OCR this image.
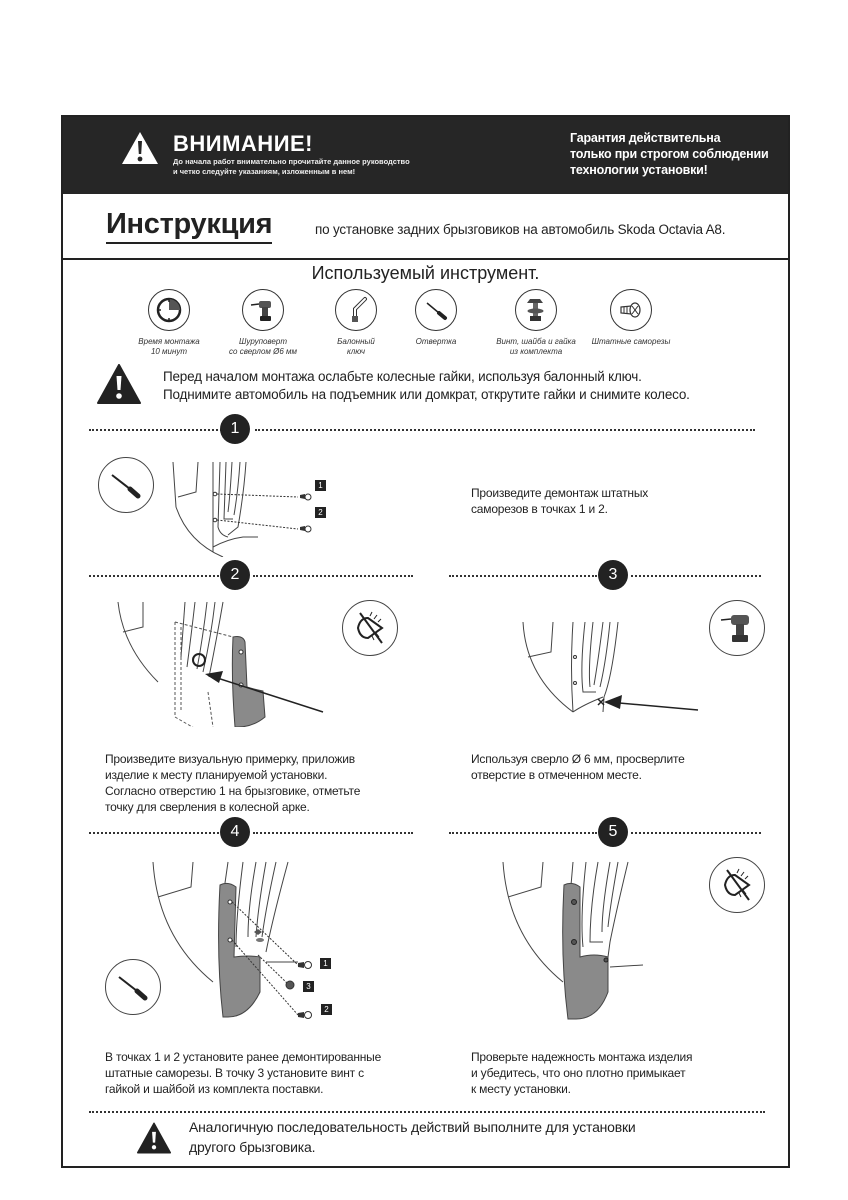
ВНИМАНИЕ!
До начала работ внимательно прочитайте данное руководство
и четко следуйте указаниям, изложенным в нем!
Гарантия действительна
только при строгом соблюдении
технологии установки!
Инструкция	по установке задних брызговиков на автомобиль Skoda Octavia A8.
Используемый инструмент.
Время монтажа
10 минут
Шуруповерт
со сверлом Ø6 мм
Балонный
ключ
Отвертка	Винт, шайба и гайка
из комплекта
Штатные саморезы
Перед началом монтажа ослабьте колесные гайки, используя балонный ключ.
Поднимите автомобиль на подъемник или домкрат, открутите гайки и снимите колесо.
1
1
2
Произведите демонтаж штатных
саморезов в точках 1 и 2.
2
Произведите визуальную примерку, приложив
изделие к месту планируемой установки.
Согласно отверстию 1 на брызговике, отметьте
точку для сверления в колесной арке.
3
Используя сверло Ø 6 мм, просверлите
отверстие в отмеченном месте.
4
1
3
2
В точках 1 и 2 установите ранее демонтированные
штатные саморезы. В точку 3 установите винт с
гайкой и шайбой из комплекта поставки.
5
Проверьте надежность монтажа изделия
и убедитесь, что оно плотно примыкает
к месту установки.
Аналогичную последовательность действий выполните для установки
другого брызговика.
